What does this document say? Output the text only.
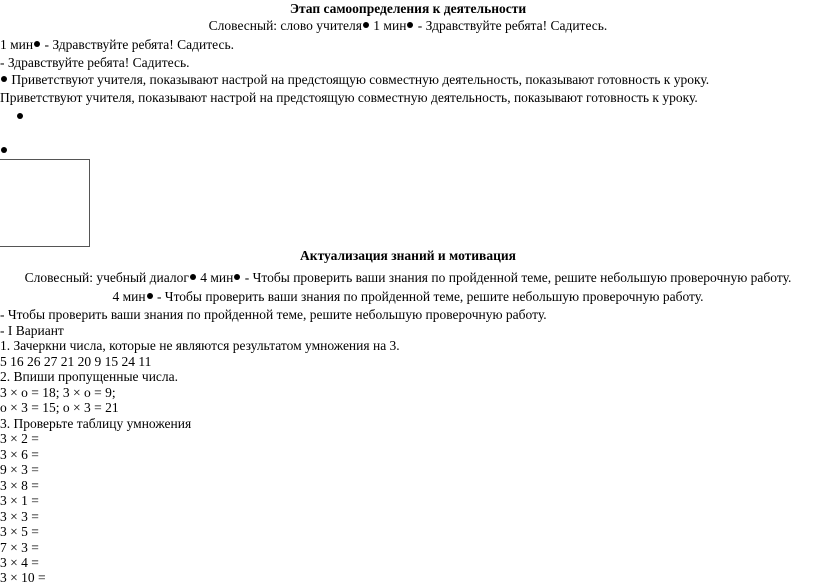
Этап самоопределения к деятельности
Словесный: слово учителя 1 мин - Здравствуйте ребята! Садитесь.
1 мин - Здравствуйте ребята! Садитесь.
- Здравствуйте ребята! Садитесь.
Приветствуют учителя, показывают настрой на предстоящую совместную деятельность, показывают готовность к уроку.
Приветствуют учителя, показывают настрой на предстоящую совместную деятельность, показывают готовность к уроку.
Актуализация знаний и мотивация
Словесный: учебный диалог 4 мин - Чтобы проверить ваши знания по пройденной теме, решите небольшую проверочную работу.
4 мин - Чтобы проверить ваши знания по пройденной теме, решите небольшую проверочную работу.
- Чтобы проверить ваши знания по пройденной теме, решите небольшую проверочную работу.
- I Вариант
1. Зачеркни числа, которые не являются результатом умножения на 3.
5 16 26 27 21 20 9 15 24 11
2. Впиши пропущенные числа.
3 × о = 18; 3 × о = 9;
о × 3 = 15; о × 3 = 21
3. Проверьте таблицу умножения
3 × 2 =
3 × 6 =
9 × 3 =
3 × 8 =
3 × 1 =
3 × 3 =
3 × 5 =
7 × 3 =
3 × 4 =
3 × 10 =
